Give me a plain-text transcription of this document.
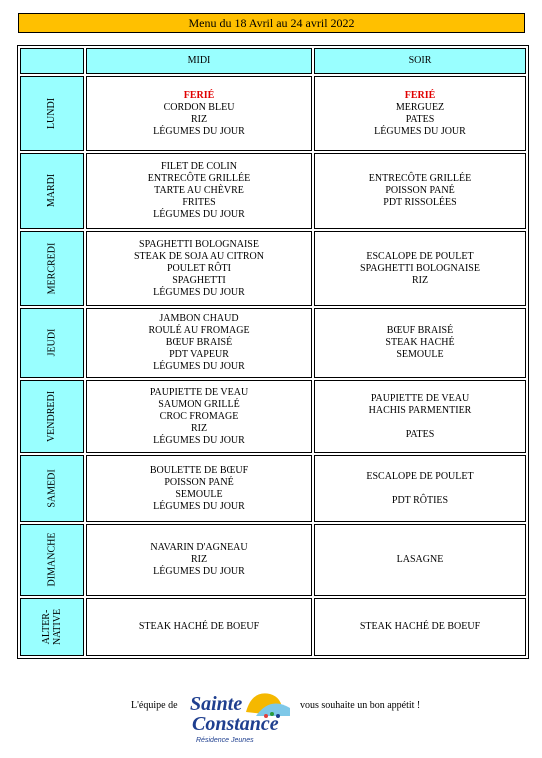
Menu du 18 Avril au 24 avril 2022
	MIDI	SOIR
LUNDI	FERIÉ
CORDON BLEU
RIZ
LÉGUMES DU JOUR	FERIÉ
MERGUEZ
PATES
LÉGUMES DU JOUR

MARDI	FILET DE COLIN
ENTRECÔTE GRILLÉE
TARTE AU CHÈVRE
FRITES
LÉGUMES DU JOUR	ENTRECÔTE GRILLÉE
POISSON PANÉ
PDT RISSOLÉES

MERCREDI	SPAGHETTI BOLOGNAISE
STEAK DE SOJA AU CITRON
POULET RÔTI
SPAGHETTI
LÉGUMES DU JOUR	ESCALOPE DE POULET
SPAGHETTI BOLOGNAISE
RIZ

JEUDI	JAMBON CHAUD
ROULÉ AU FROMAGE
BŒUF BRAISÉ
PDT VAPEUR
LÉGUMES DU JOUR	BŒUF BRAISÉ
STEAK HACHÉ
SEMOULE

VENDREDI	PAUPIETTE DE VEAU
SAUMON GRILLÉ
CROC FROMAGE
RIZ
LÉGUMES DU JOUR	PAUPIETTE DE VEAU
HACHIS PARMENTIER
PATES

SAMEDI	BOULETTE DE BŒUF
POISSON PANÉ
SEMOULE
LÉGUMES DU JOUR	ESCALOPE DE POULET
PDT RÔTIES

DIMANCHE	NAVARIN D'AGNEAU
RIZ
LÉGUMES DU JOUR	LASAGNE

ALTER-
NATIVE	STEAK HACHÉ DE BOEUF	STEAK HACHÉ DE BOEUF
L'équipe de Sainte
Constance
Résidence Jeunes
vous souhaite un bon appétit !
